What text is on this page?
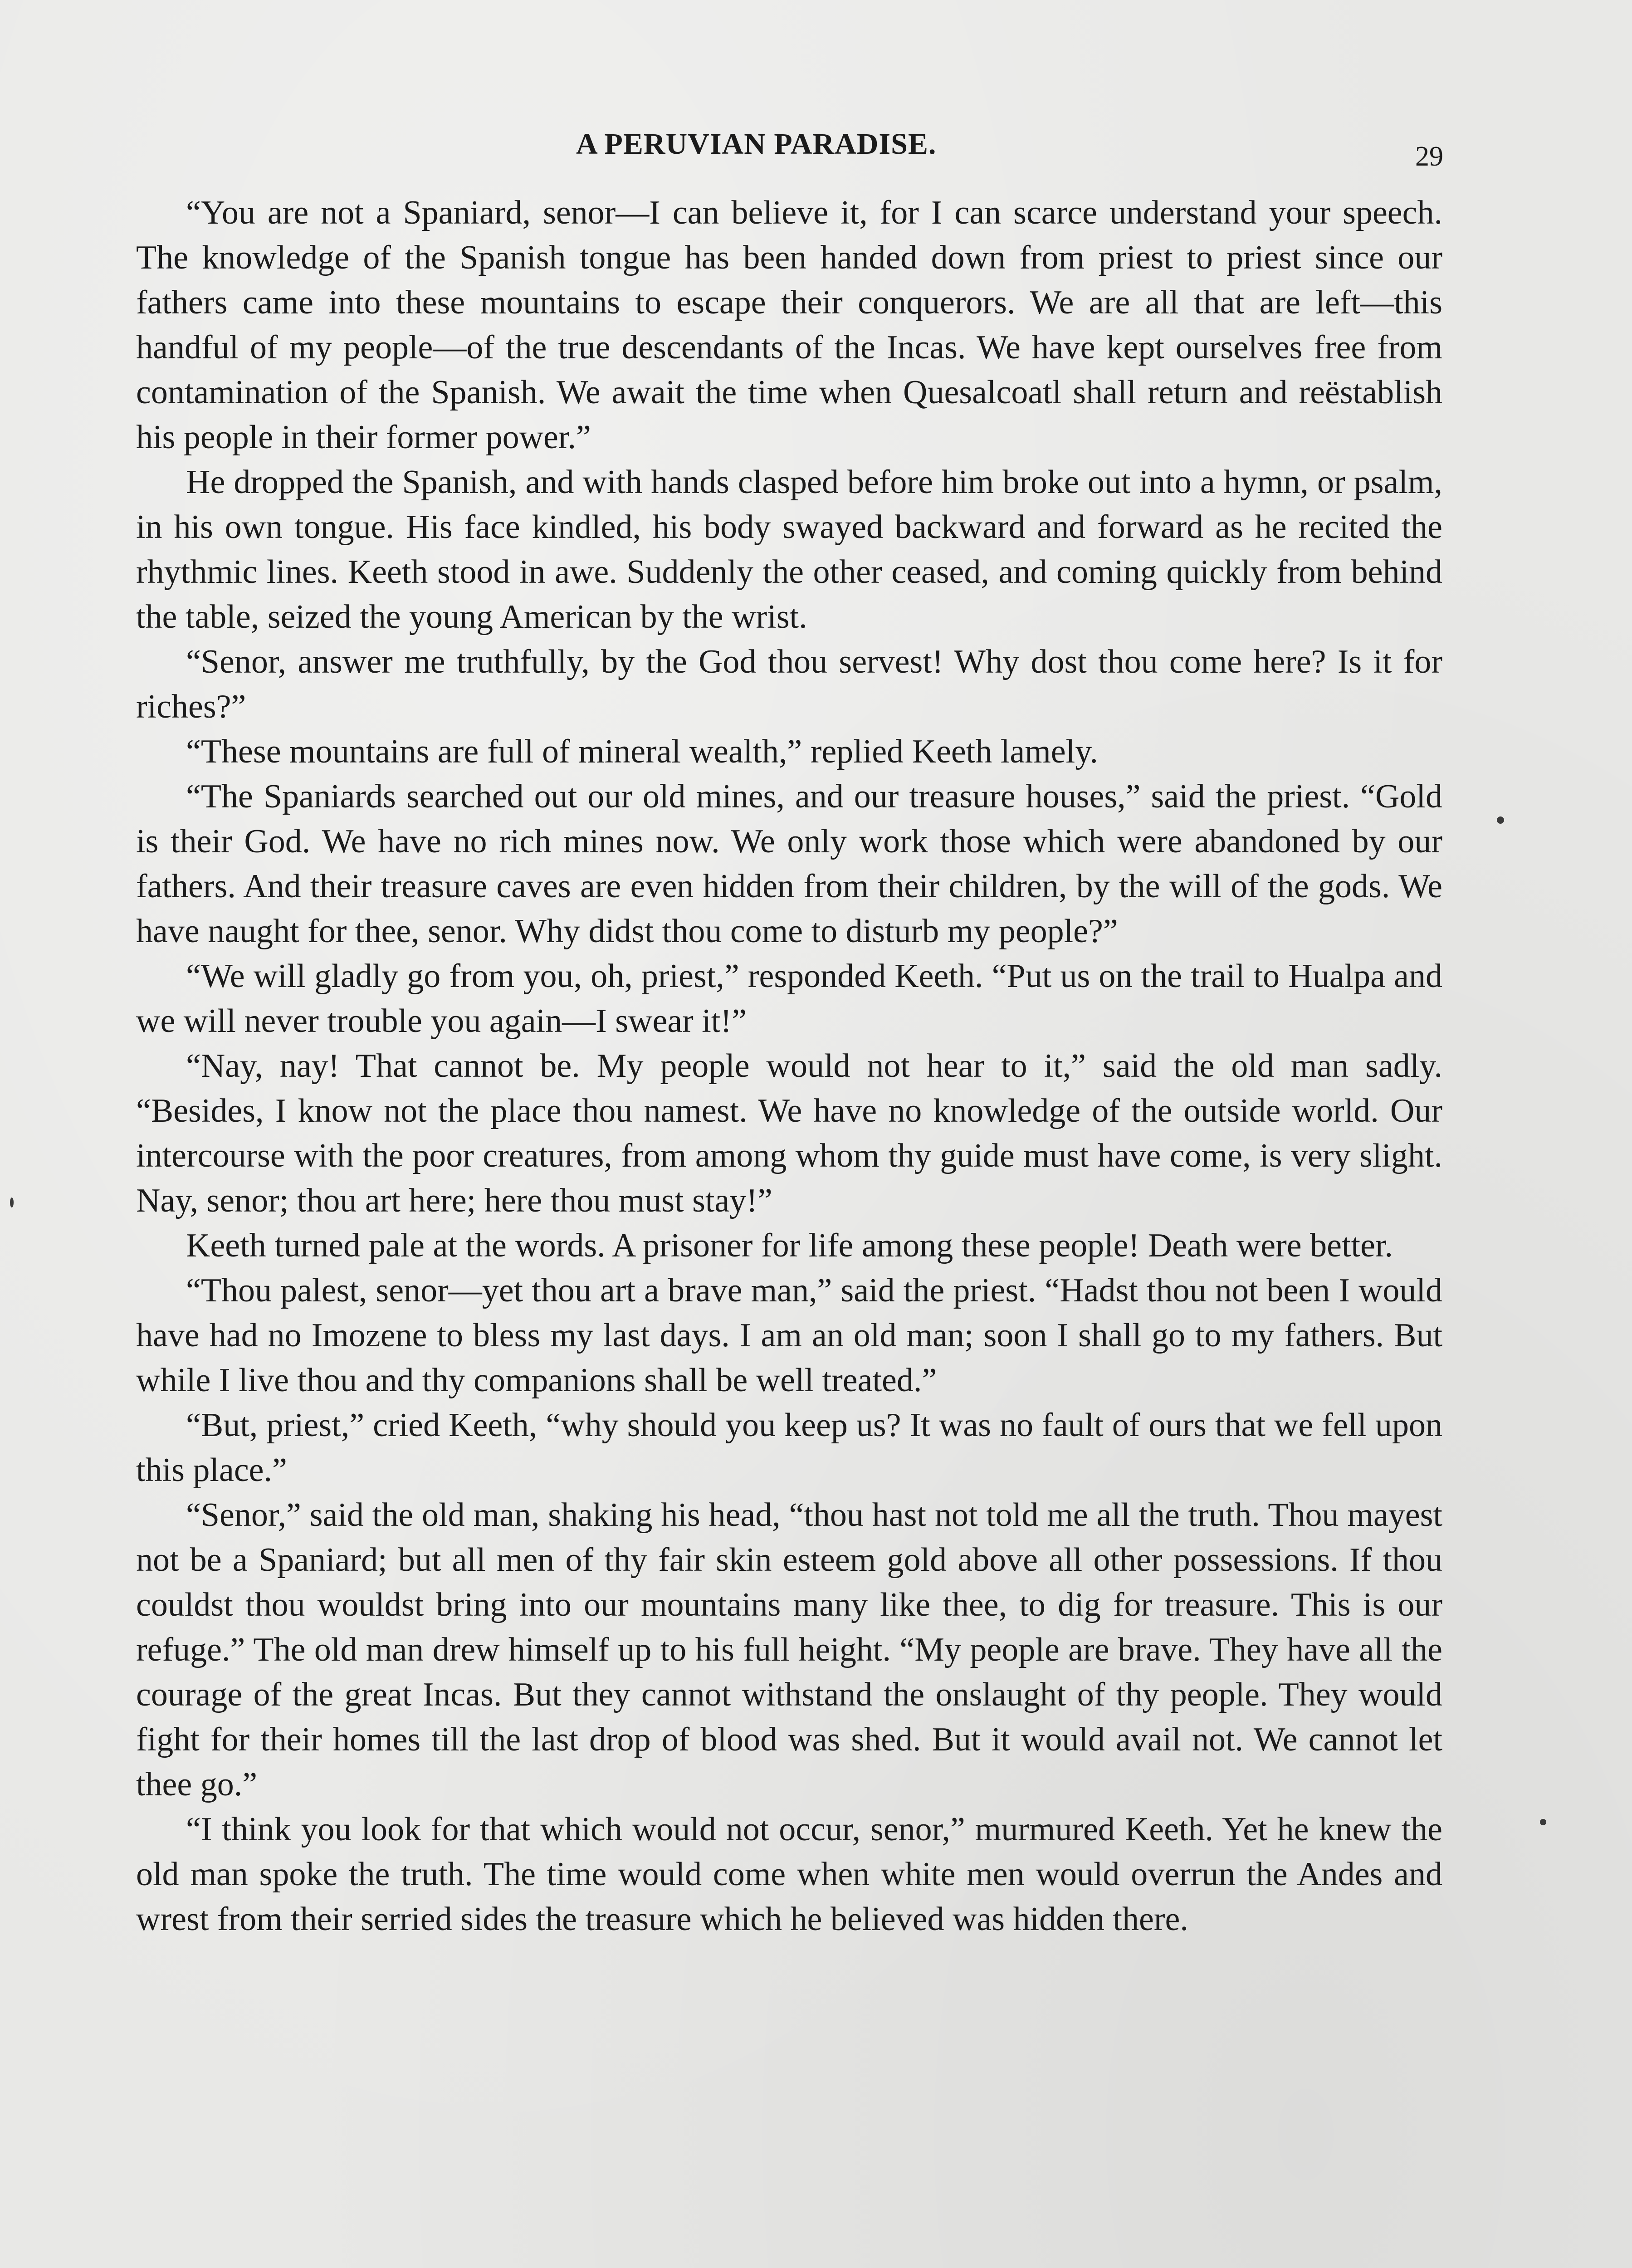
A PERUVIAN PARADISE.	29

“You are not a Spaniard, senor—I can believe it, for I can scarce understand your speech. The knowledge of the Spanish tongue has been handed down from priest to priest since our fathers came into these mountains to escape their conquerors. We are all that are left—this handful of my people—of the true descendants of the Incas. We have kept ourselves free from contamination of the Spanish. We await the time when Quesalcoatl shall return and reëstablish his people in their former power.”

He dropped the Spanish, and with hands clasped before him broke out into a hymn, or psalm, in his own tongue. His face kindled, his body swayed backward and forward as he recited the rhythmic lines. Keeth stood in awe. Suddenly the other ceased, and coming quickly from behind the table, seized the young American by the wrist.

“Senor, answer me truthfully, by the God thou servest! Why dost thou come here? Is it for riches?”

“These mountains are full of mineral wealth,” replied Keeth lamely.

“The Spaniards searched out our old mines, and our treasure houses,” said the priest. “Gold is their God. We have no rich mines now. We only work those which were abandoned by our fathers. And their treasure caves are even hidden from their children, by the will of the gods. We have naught for thee, senor. Why didst thou come to disturb my people?”

“We will gladly go from you, oh, priest,” responded Keeth. “Put us on the trail to Hualpa and we will never trouble you again—I swear it!”

“Nay, nay! That cannot be. My people would not hear to it,” said the old man sadly. “Besides, I know not the place thou namest. We have no knowledge of the outside world. Our intercourse with the poor creatures, from among whom thy guide must have come, is very slight. Nay, senor; thou art here; here thou must stay!”

Keeth turned pale at the words. A prisoner for life among these people! Death were better.

“Thou palest, senor—yet thou art a brave man,” said the priest. “Hadst thou not been I would have had no Imozene to bless my last days. I am an old man; soon I shall go to my fathers. But while I live thou and thy companions shall be well treated.”

“But, priest,” cried Keeth, “why should you keep us? It was no fault of ours that we fell upon this place.”

“Senor,” said the old man, shaking his head, “thou hast not told me all the truth. Thou mayest not be a Spaniard; but all men of thy fair skin esteem gold above all other possessions. If thou couldst thou wouldst bring into our mountains many like thee, to dig for treasure. This is our refuge.” The old man drew himself up to his full height. “My people are brave. They have all the courage of the great Incas. But they cannot withstand the onslaught of thy people. They would fight for their homes till the last drop of blood was shed. But it would avail not. We cannot let thee go.”

“I think you look for that which would not occur, senor,” murmured Keeth. Yet he knew the old man spoke the truth. The time would come when white men would overrun the Andes and wrest from their serried sides the treasure which he believed was hidden there.
